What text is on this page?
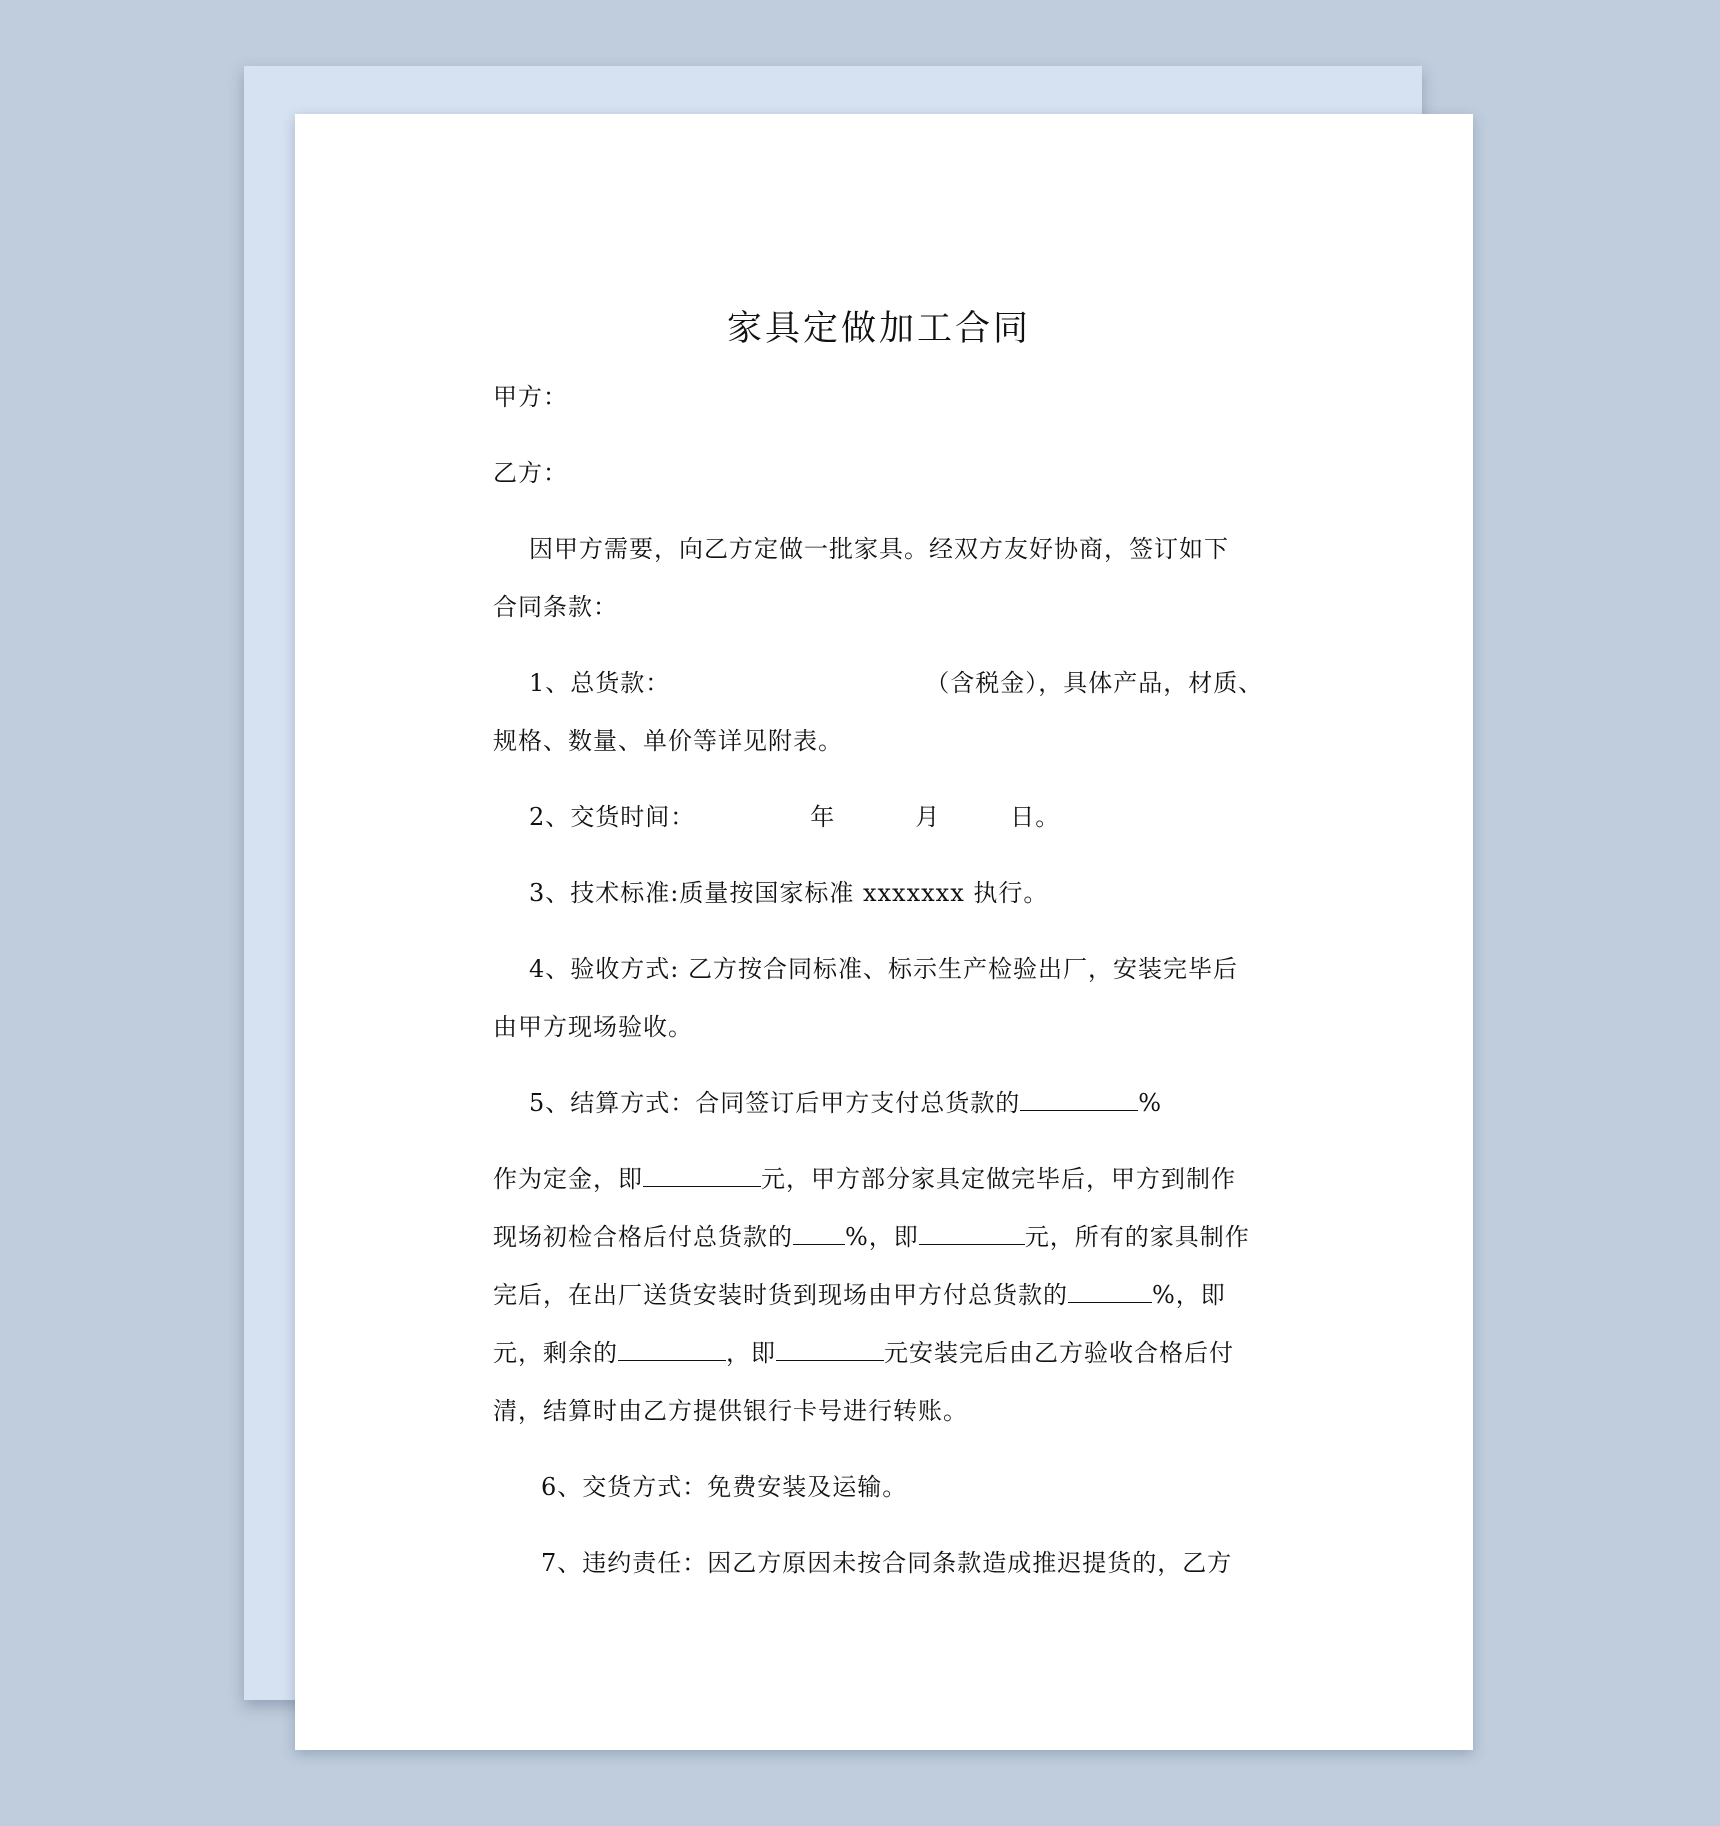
家具定做加工合同
甲方：
乙方：
因甲方需要，向乙方定做一批家具。经双方友好协商，签订如下
合同条款：
1、总货款：	（含税金），具体产品，材质、
规格、数量、单价等详见附表。
2、交货时间：	年	月	日。
3、技术标准:质量按国家标准 xxxxxxx 执行。
4、验收方式: 乙方按合同标准、标示生产检验出厂，安装完毕后
由甲方现场验收。
5、结算方式：合同签订后甲方支付总货款的	%
作为定金，即	元，甲方部分家具定做完毕后，甲方到制作
现场初检合格后付总货款的 %，即	元，所有的家具制作
完后，在出厂送货安装时货到现场由甲方付总货款的	%，即
元，剩余的	，即	元安装完后由乙方验收合格后付
清，结算时由乙方提供银行卡号进行转账。
6、交货方式：免费安装及运输。
7、违约责任：因乙方原因未按合同条款造成推迟提货的，乙方
